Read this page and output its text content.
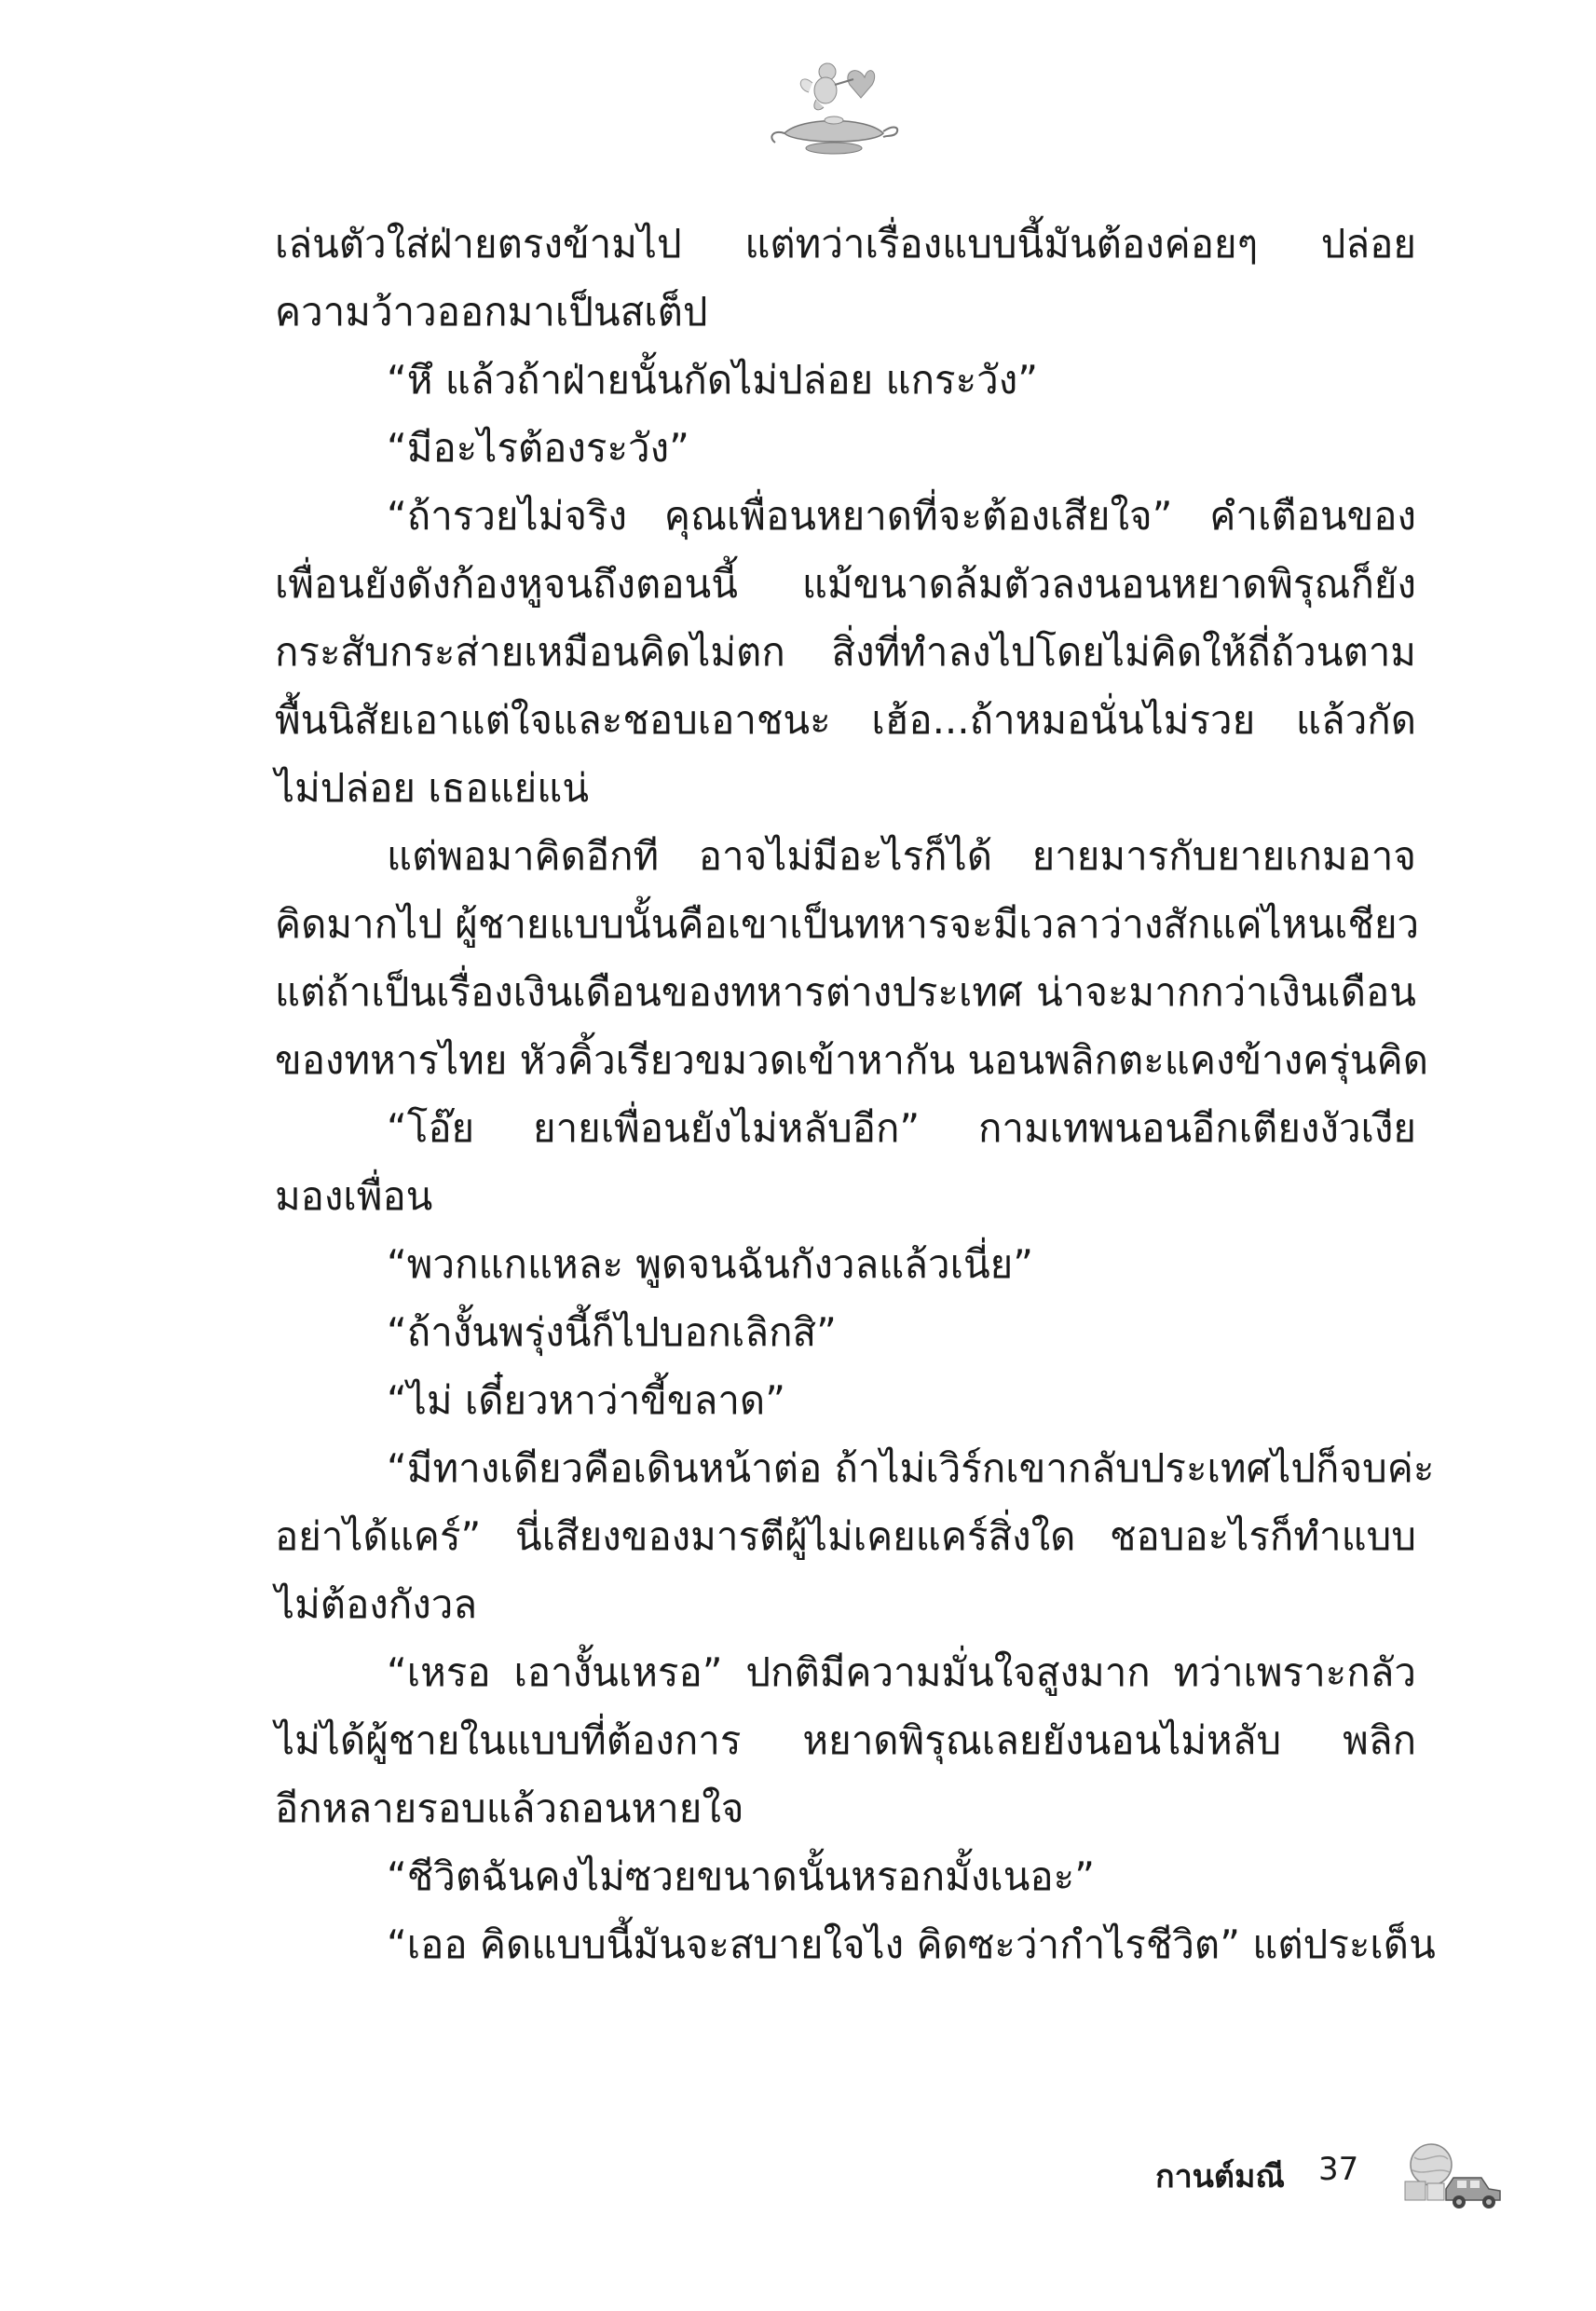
เล่นตัวใส่ฝ่ายตรงข้ามไป แต่ทว่าเรื่องแบบนี้มันต้องค่อยๆ ปล่อย
ความว้าวออกมาเป็นสเต็ป
“หึ แล้วถ้าฝ่ายนั้นกัดไม่ปล่อย แกระวัง”
“มีอะไรต้องระวัง”
“ถ้ารวยไม่จริง คุณเพื่อนหยาดที่จะต้องเสียใจ” คำเตือนของ
เพื่อนยังดังก้องหูจนถึงตอนนี้ แม้ขนาดล้มตัวลงนอนหยาดพิรุณก็ยัง
กระสับกระส่ายเหมือนคิดไม่ตก สิ่งที่ทำลงไปโดยไม่คิดให้ถี่ถ้วนตาม
พื้นนิสัยเอาแต่ใจและชอบเอาชนะ เฮ้อ...ถ้าหมอนั่นไม่รวย แล้วกัด
ไม่ปล่อย เธอแย่แน่
แต่พอมาคิดอีกที อาจไม่มีอะไรก็ได้ ยายมารกับยายเกมอาจ
คิดมากไป ผู้ชายแบบนั้นคือเขาเป็นทหารจะมีเวลาว่างสักแค่ไหนเชียว
แต่ถ้าเป็นเรื่องเงินเดือนของทหารต่างประเทศ น่าจะมากกว่าเงินเดือน
ของทหารไทย หัวคิ้วเรียวขมวดเข้าหากัน นอนพลิกตะแคงข้างครุ่นคิด
“โอ๊ย ยายเพื่อนยังไม่หลับอีก” กามเทพนอนอีกเตียงงัวเงีย
มองเพื่อน
“พวกแกแหละ พูดจนฉันกังวลแล้วเนี่ย”
“ถ้างั้นพรุ่งนี้ก็ไปบอกเลิกสิ”
“ไม่ เดี๋ยวหาว่าขี้ขลาด”
“มีทางเดียวคือเดินหน้าต่อ ถ้าไม่เวิร์กเขากลับประเทศไปก็จบค่ะ
อย่าได้แคร์” นี่เสียงของมารตีผู้ไม่เคยแคร์สิ่งใด ชอบอะไรก็ทำแบบ
ไม่ต้องกังวล
“เหรอ เอางั้นเหรอ” ปกติมีความมั่นใจสูงมาก ทว่าเพราะกลัว
ไม่ได้ผู้ชายในแบบที่ต้องการ หยาดพิรุณเลยยังนอนไม่หลับ พลิก
อีกหลายรอบแล้วถอนหายใจ
“ชีวิตฉันคงไม่ซวยขนาดนั้นหรอกมั้งเนอะ”
“เออ คิดแบบนี้มันจะสบายใจไง คิดซะว่ากำไรชีวิต” แต่ประเด็น
กานต์มณี 37
